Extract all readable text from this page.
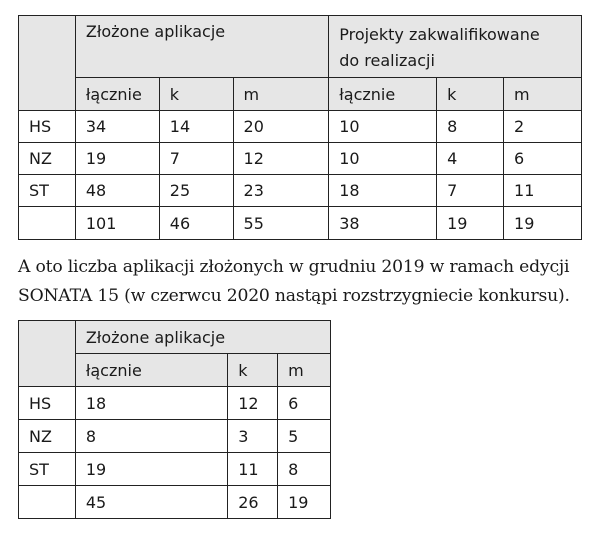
	Złożone aplikacje			Projekty zakwalifikowane
do realizacji		
	łącznie	k	m	łącznie	k	m
HS	34	14	20	10	8	2
NZ	19	7	12	10	4	6
ST	48	25	23	18	7	11
	101	46	55	38	19	19
A oto liczba aplikacji złożonych w grudniu 2019 w ramach edycji
SONATA 15 (w czerwcu 2020 nastąpi rozstrzygniecie konkursu).
	Złożone aplikacje		
	łącznie	k	m
HS	18	12	6
NZ	8	3	5
ST	19	11	8
	45	26	19
